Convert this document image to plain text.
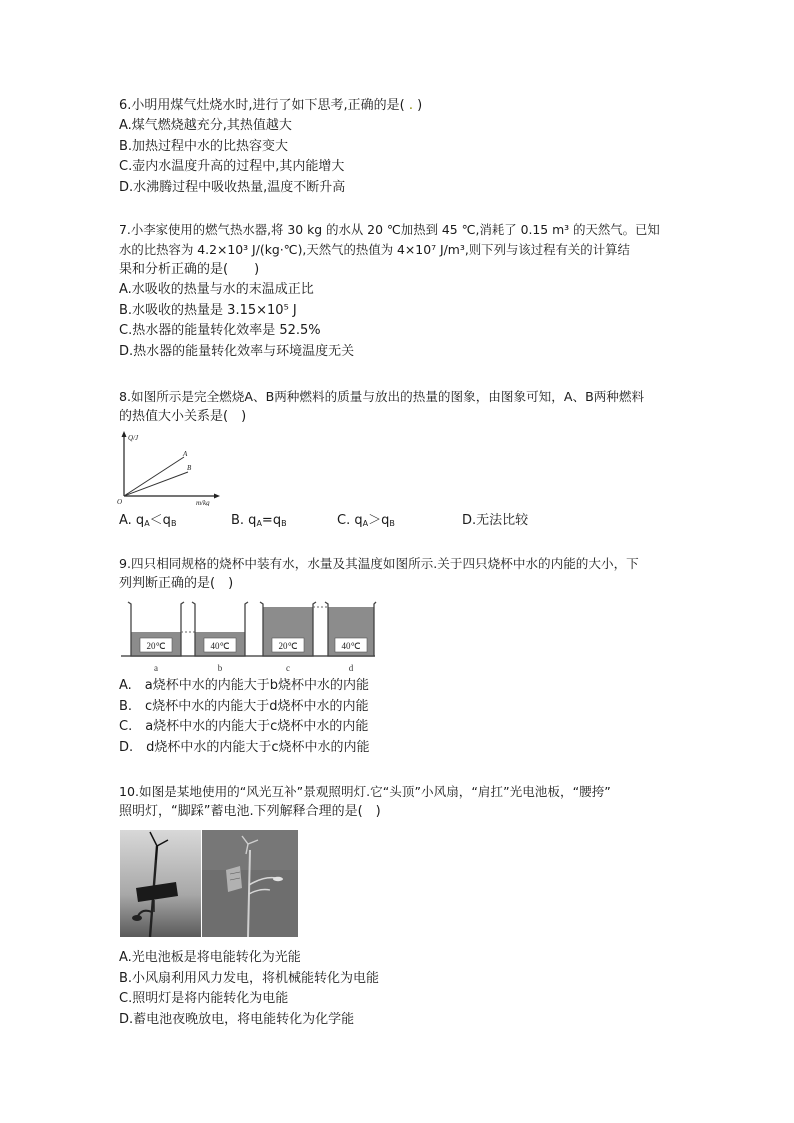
6.小明用煤气灶烧水时,进行了如下思考,正确的是( . )
A.煤气燃烧越充分,其热值越大
B.加热过程中水的比热容变大
C.壶内水温度升高的过程中,其内能增大
D.水沸腾过程中吸收热量,温度不断升高
7.小李家使用的燃气热水器,将 30 kg 的水从 20 ℃加热到 45 ℃,消耗了 0.15 m³ 的天然气。已知
水的比热容为 4.2×10³ J/(kg·℃),天然气的热值为 4×10⁷ J/m³,则下列与该过程有关的计算结
果和分析正确的是(　　)
A.水吸收的热量与水的末温成正比
B.水吸收的热量是 3.15×10⁵ J
C.热水器的能量转化效率是 52.5%
D.热水器的能量转化效率与环境温度无关
8.如图所示是完全燃烧A、B两种燃料的质量与放出的热量的图象，由图象可知，A、B两种燃料
的热值大小关系是(　)
Q/J
m/kg
O
A
B
A. $q_A<q_B$	B. $q_A=q_B$	C. $q_A>q_B$	D.无法比较
9.四只相同规格的烧杯中装有水，水量及其温度如图所示.关于四只烧杯中水的内能的大小，下
列判断正确的是(　)
20℃
a
40℃
b
20℃
c
40℃
d
A.　a烧杯中水的内能大于b烧杯中水的内能
B.　c烧杯中水的内能大于d烧杯中水的内能
C.　a烧杯中水的内能大于c烧杯中水的内能
D.　d烧杯中水的内能大于c烧杯中水的内能
10.如图是某地使用的“风光互补”景观照明灯.它“头顶”小风扇，“肩扛”光电池板，“腰挎”
照明灯，“脚踩”蓄电池.下列解释合理的是(　)
A.光电池板是将电能转化为光能
B.小风扇利用风力发电，将机械能转化为电能
C.照明灯是将内能转化为电能
D.蓄电池夜晚放电，将电能转化为化学能
